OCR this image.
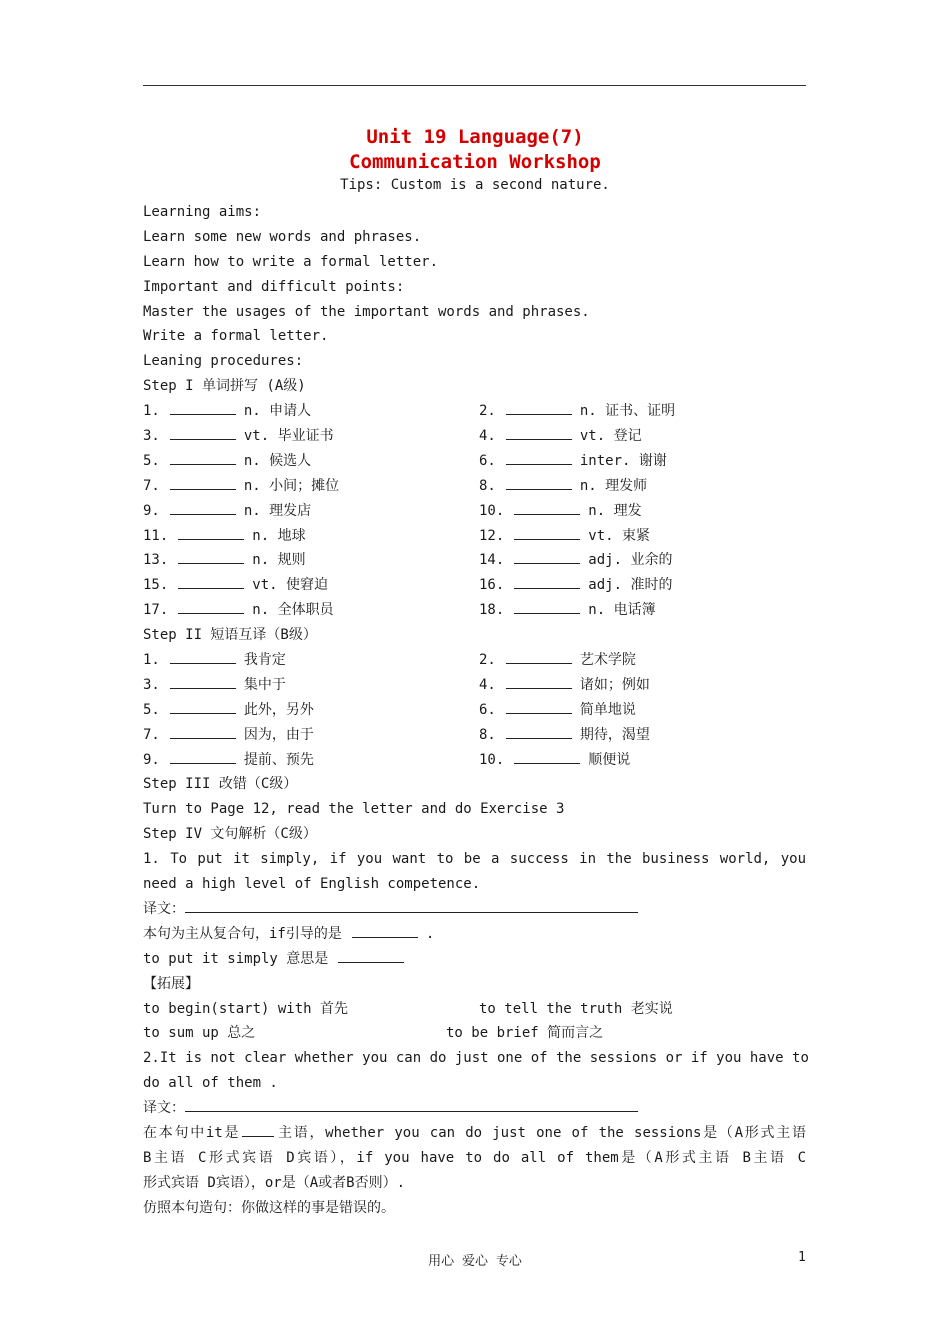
Unit 19 Language(7)
Communication Workshop
Tips: Custom is a second nature.
Learning aims:
Learn some new words and phrases.
Learn how to write a formal letter.
Important and difficult points:
Master the usages of the important words and phrases.
Write a formal letter.
Leaning procedures:
Step I 单词拼写 (A级)
1.	n. 申请人	2.	n. 证书、证明
3.	vt. 毕业证书	4.	vt. 登记
5.	n. 候选人	6.	inter. 谢谢
7.	n. 小间；摊位	8.	n. 理发师
9.	n. 理发店	10.	n. 理发
11.	n. 地球	12.	vt. 束紧
13.	n. 规则	14.	adj. 业余的
15.	vt. 使窘迫	16.	adj. 准时的
17.	n. 全体职员	18.	n. 电话簿
Step II 短语互译（B级）
1.	我肯定	2.	艺术学院
3.	集中于	4.	诸如；例如
5.	此外，另外	6.	简单地说
7.	因为，由于	8.	期待，渴望
9.	提前、预先	10.	顺便说
Step III 改错（C级）
Turn to Page 12, read the letter and do Exercise 3
Step IV 文句解析（C级）
1. To put it simply, if you want to be a success in the business world, you
need a high level of English competence.
译文：
本句为主从复合句，if引导的是	.
to put it simply 意思是
【拓展】
to begin(start) with 首先	to tell the truth 老实说
to sum up 总之	to be brief 简而言之
2.It is not clear whether you can do just one of the sessions or if you have to
do all of them .
译文：
在本句中it是	主语，whether you can do just one of the sessions是（A形式主语
B主语 C形式宾语 D宾语），if you have to do all of them是（A形式主语 B主语 C
形式宾语 D宾语），or是（A或者B否则）.
仿照本句造句：你做这样的事是错误的。
用心 爱心 专心	1
